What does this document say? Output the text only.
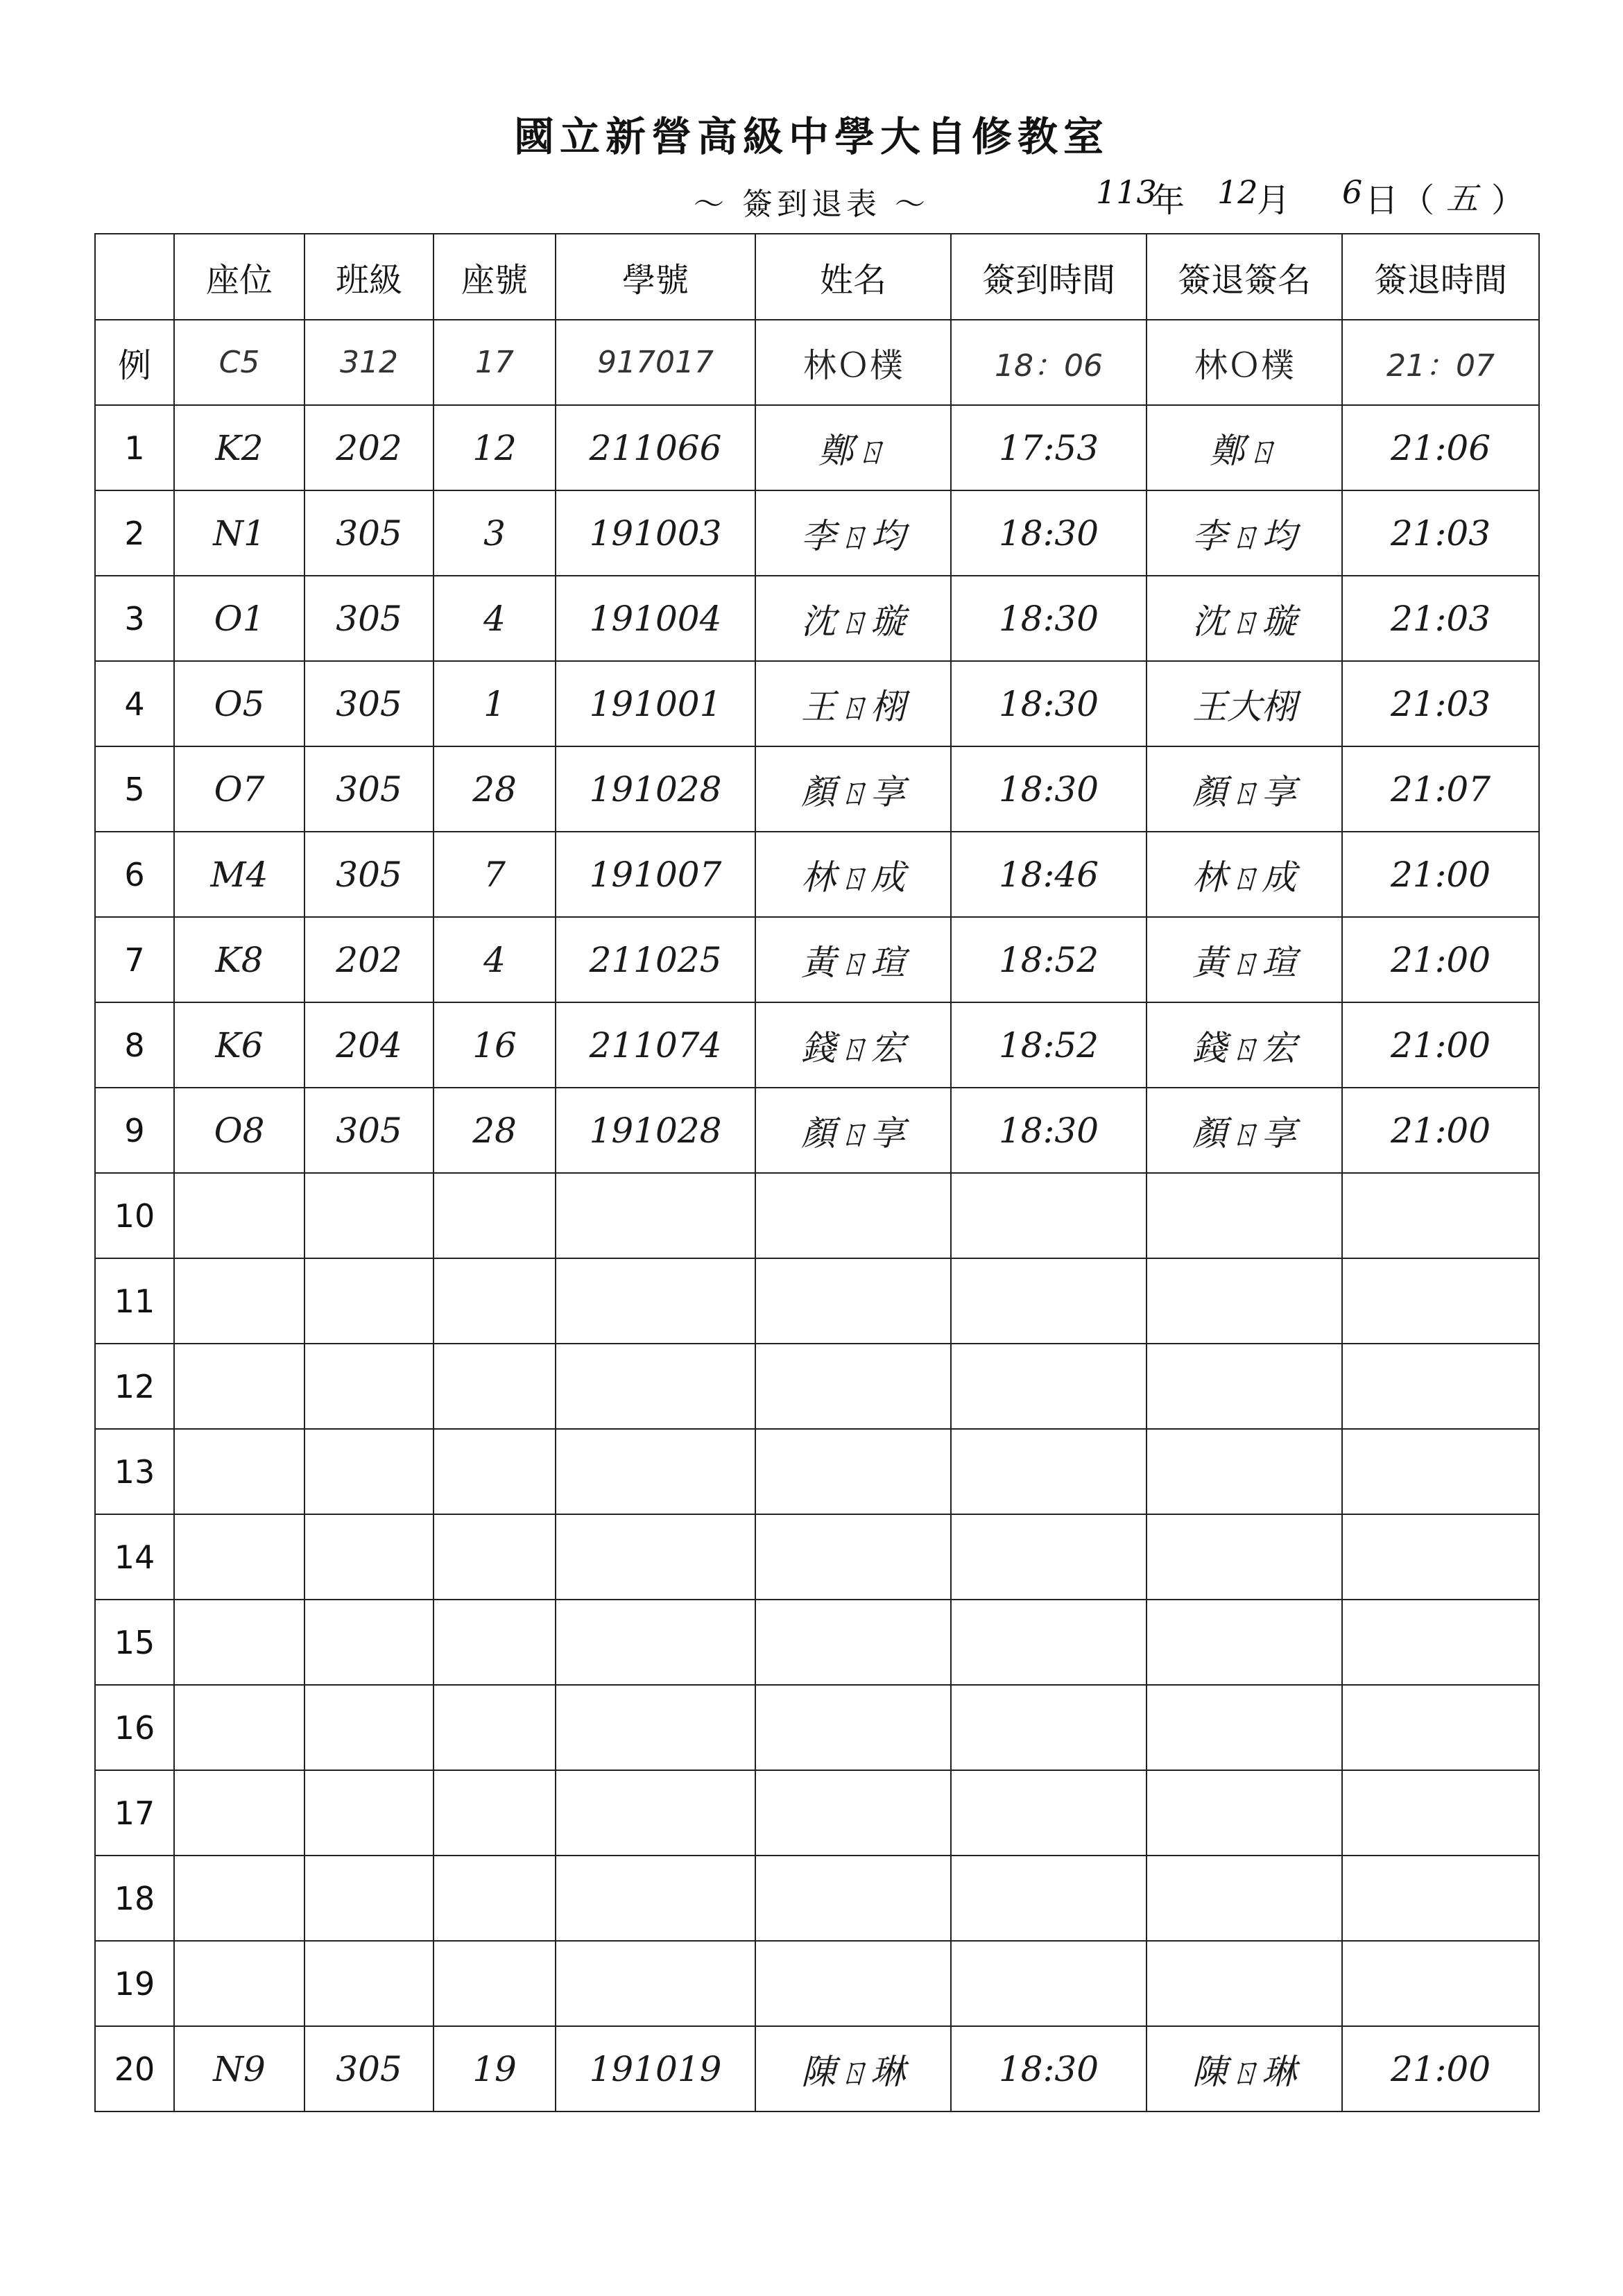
國立新營高級中學大自修教室
～ 簽到退表 ～	113
年 12
月 6 日 （ 五 ）
	座位	班級	座號	學號	姓名	簽到時間	簽退簽名	簽退時間
例	C5	312	17	917017	林Ｏ樸	18：06	林Ｏ樸	21：07
1	K2	202	12	211066	鄭ㄖ	17:53	鄭ㄖ	21:06
2	N1	305	3	191003	李ㄖ均	18:30	李ㄖ均	21:03
3	O1	305	4	191004	沈ㄖ璇	18:30	沈ㄖ璇	21:03
4	O5	305	1	191001	王ㄖ栩	18:30	王大栩	21:03
5	O7	305	28	191028	顏ㄖ享	18:30	顏ㄖ享	21:07
6	M4	305	7	191007	林ㄖ成	18:46	林ㄖ成	21:00
7	K8	202	4	211025	黃ㄖ瑄	18:52	黃ㄖ瑄	21:00
8	K6	204	16	211074	錢ㄖ宏	18:52	錢ㄖ宏	21:00
9	O8	305	28	191028	顏ㄖ享	18:30	顏ㄖ享	21:00
10								
11								
12								
13								
14								
15								
16								
17								
18								
19								
20	N9	305	19	191019	陳ㄖ琳	18:30	陳ㄖ琳	21:00
